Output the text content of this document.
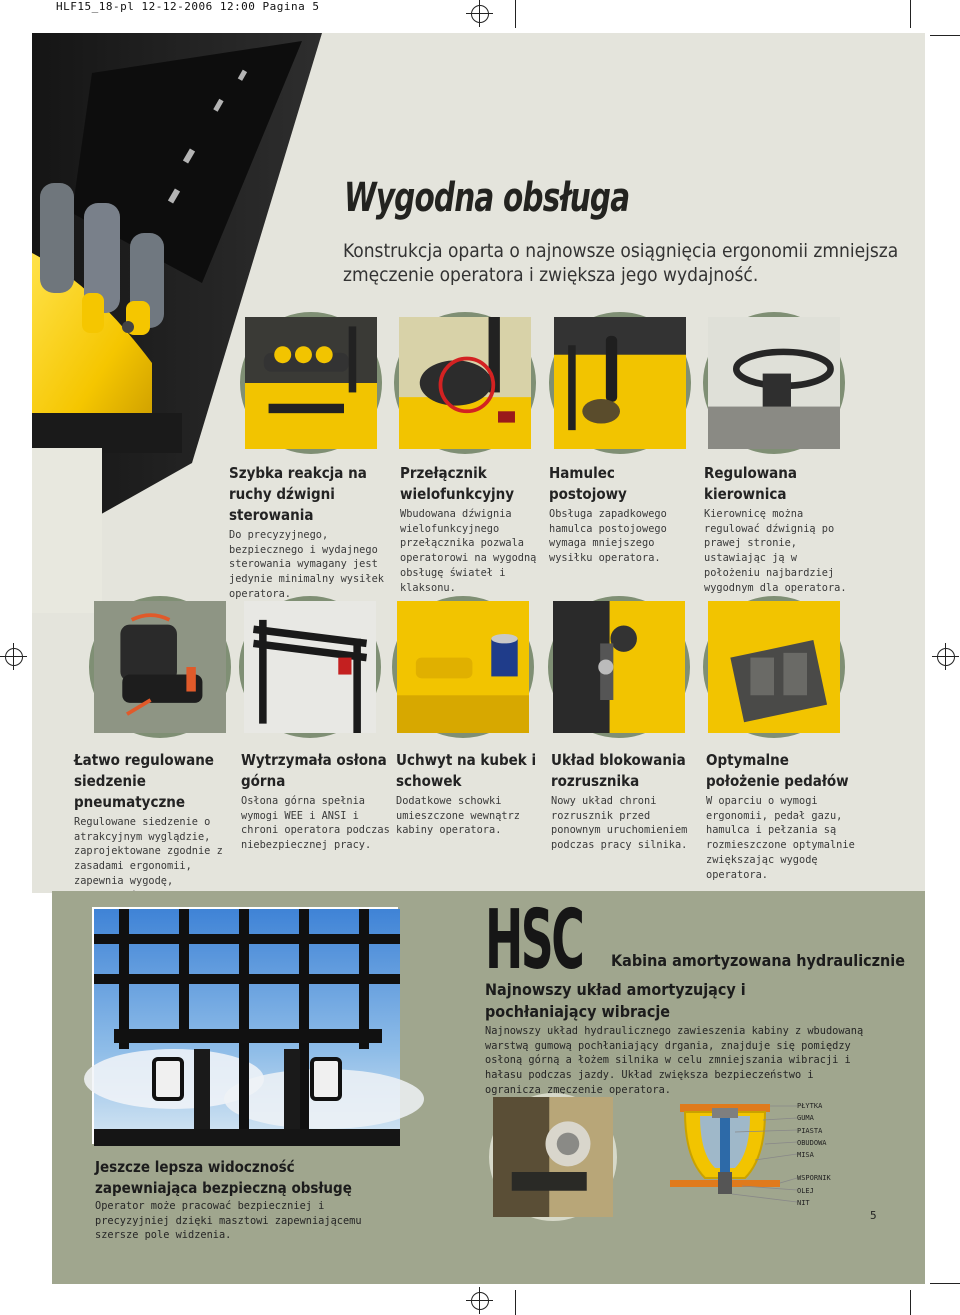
HLF15_18-pl 12-12-2006 12:00 Pagina 5
Wygodna obsługa
Konstrukcja oparta o najnowsze osiągnięcia ergonomii zmniejsza zmęczenie operatora i zwiększa jego wydajność.
Szybka reakcja na ruchy dźwigni sterowania
Do precyzyjnego, bezpiecznego i wydajnego sterowania wymagany jest jedynie minimalny wysiłek operatora.
Przełącznik wielofunkcyjny
Wbudowana dźwignia wielofunkcyjnego przełącznika pozwala operatorowi na wygodną obsługę świateł i klaksonu.
Hamulec postojowy
Obsługa zapadkowego hamulca postojowego wymaga mniejszego wysiłku operatora.
Regulowana kierownica
Kierownicę można regulować dźwignią po prawej stronie, ustawiając ją w położeniu najbardziej wygodnym dla operatora.
Łatwo regulowane siedzenie pneumatyczne
Regulowane siedzenie o atrakcyjnym wyglądzie, zaprojektowane zgodnie z zasadami ergonomii, zapewnia wygodę,
Wytrzymała osłona górna
Osłona górna spełnia wymogi WEE i ANSI i chroni operatora podczas niebezpiecznej pracy.
Uchwyt na kubek i schowek
Dodatkowe schowki umieszczone wewnątrz kabiny operatora.
Układ blokowania rozrusznika
Nowy układ chroni rozrusznik przed ponownym uruchomieniem podczas pracy silnika.
Optymalne położenie pedałów
W oparciu o wymogi ergonomii, pedał gazu, hamulca i pełzania są rozmieszczone optymalnie zwiększając wygodę operatora.
HSC Kabina amortyzowana hydraulicznie
Najnowszy układ amortyzujący i pochłaniający wibracje
Najnowszy układ hydraulicznego zawieszenia kabiny z wbudowaną warstwą gumową pochłaniający drgania, znajduje się pomiędzy osłoną górną a łożem silnika w celu zmniejszania wibracji i hałasu podczas jazdy. Układ zwiększa bezpieczeństwo i ogranicza zmęczenie operatora.
Jeszcze lepsza widoczność zapewniająca bezpieczną obsługę
Operator może pracować bezpieczniej i precyzyjniej dzięki masztowi zapewniającemu szersze pole widzenia.
PŁYTKA
GUMA
PIASTA
OBUDOWA
MISA
WSPORNIK
OLEJ
NIT
5
